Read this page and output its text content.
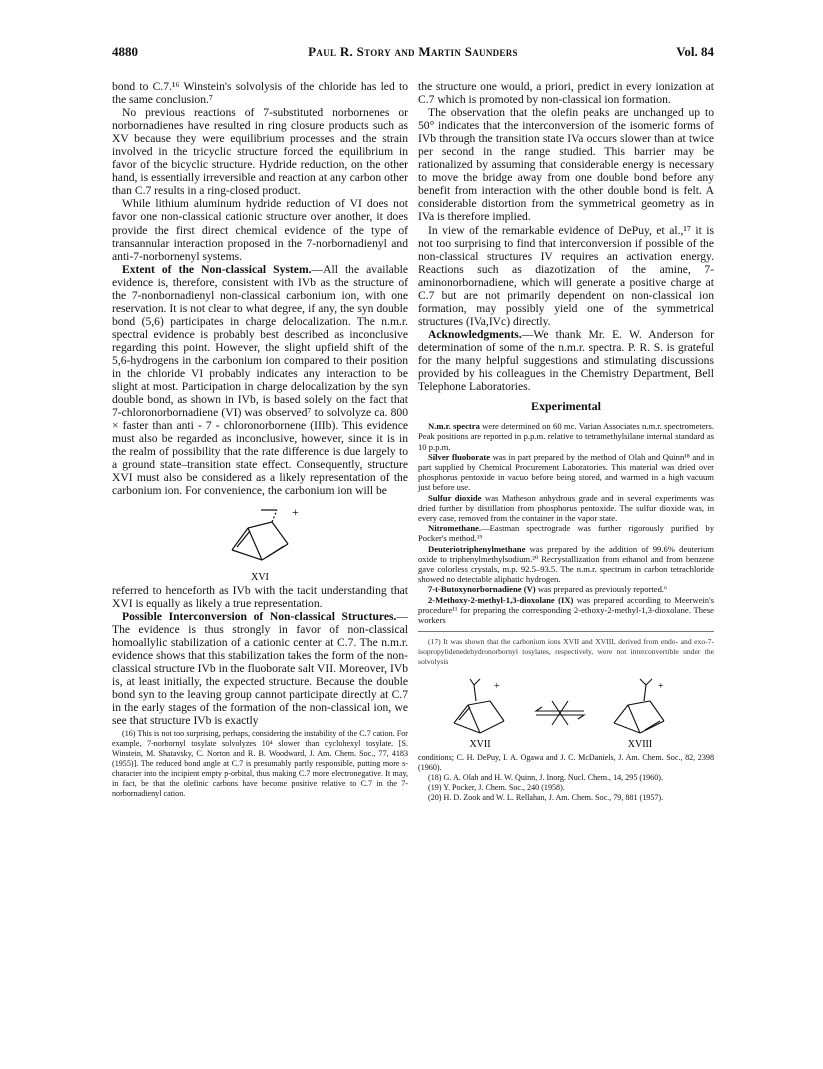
4880	Paul R. Story and Martin Saunders	Vol. 84

bond to C.7.¹⁶ Winstein's solvolysis of the chloride has led to the same conclusion.⁷

No previous reactions of 7-substituted norbornenes or norbornadienes have resulted in ring closure products such as XV because they were equilibrium processes and the strain involved in the tricyclic structure forced the equilibrium in favor of the bicyclic structure. Hydride reduction, on the other hand, is essentially irreversible and reaction at any carbon other than C.7 results in a ring-closed product.

While lithium aluminum hydride reduction of VI does not favor one non-classical cationic structure over another, it does provide the first direct chemical evidence of the type of transannular interaction proposed in the 7-norbornadienyl and anti-7-norbornenyl systems.

Extent of the Non-classical System.—All the available evidence is, therefore, consistent with IVb as the structure of the 7-nonbornadienyl non-classical carbonium ion, with one reservation. It is not clear to what degree, if any, the syn double bond (5,6) participates in charge delocalization. The n.m.r. spectral evidence is probably best described as inconclusive regarding this point. However, the slight upfield shift of the 5,6-hydrogens in the carbonium ion compared to their position in the chloride VI probably indicates any interaction to be slight at most. Participation in charge delocalization by the syn double bond, as shown in IVb, is based solely on the fact that 7-chloronorbornadiene (VI) was observed⁷ to solvolyze ca. 800 × faster than anti - 7 - chloronorbornene (IIIb). This evidence must also be regarded as inconclusive, however, since it is in the realm of possibility that the rate difference is due largely to a ground state–transition state effect. Consequently, structure XVI must also be considered as a likely representation of the carbonium ion. For convenience, the carbonium ion will be

+
XVI

referred to henceforth as IVb with the tacit understanding that XVI is equally as likely a true representation.

Possible Interconversion of Non-classical Structures.—The evidence is thus strongly in favor of non-classical homoallylic stabilization of a cationic center at C.7. The n.m.r. evidence shows that this stabilization takes the form of the non-classical structure IVb in the fluoborate salt VII. Moreover, IVb is, at least initially, the expected structure. Because the double bond syn to the leaving group cannot participate directly at C.7 in the early stages of the formation of the non-classical ion, we see that structure IVb is exactly

(16) This is not too surprising, perhaps, considering the instability of the C.7 cation. For example, 7-norbornyl tosylate solvolyzes 10⁴ slower than cyclohexyl tosylate. [S. Winstein, M. Shatavsky, C. Norton and R. B. Woodward, J. Am. Chem. Soc., 77, 4183 (1955)]. The reduced bond angle at C.7 is presumably partly responsible, putting more s-character into the incipient empty p-orbital, thus making C.7 more electronegative. It may, in fact, be that the olefinic carbons have become positive relative to C.7 in the 7-norbornadienyl cation.

the structure one would, a priori, predict in every ionization at C.7 which is promoted by non-classical ion formation.

The observation that the olefin peaks are unchanged up to 50° indicates that the interconversion of the isomeric forms of IVb through the transition state IVa occurs slower than at twice per second in the range studied. This barrier may be rationalized by assuming that considerable energy is necessary to move the bridge away from one double bond before any benefit from interaction with the other double bond is felt. A considerable distortion from the symmetrical geometry as in IVa is therefore implied.

In view of the remarkable evidence of DePuy, et al.,¹⁷ it is not too surprising to find that interconversion if possible of the non-classical structures IV requires an activation energy. Reactions such as diazotization of the amine, 7-aminonorbornadiene, which will generate a positive charge at C.7 but are not primarily dependent on non-classical ion formation, may possibly yield one of the symmetrical structures (IVa,IVc) directly.

Acknowledgments.—We thank Mr. E. W. Anderson for determination of some of the n.m.r. spectra. P. R. S. is grateful for the many helpful suggestions and stimulating discussions provided by his colleagues in the Chemistry Department, Bell Telephone Laboratories.

Experimental

N.m.r. spectra were determined on 60 mc. Varian Associates n.m.r. spectrometers. Peak positions are reported in p.p.m. relative to tetramethylsilane internal standard as 10 p.p.m.

Silver fluoborate was in part prepared by the method of Olah and Quinn¹⁸ and in part supplied by Chemical Procurement Laboratories. This material was dried over phosphorus pentoxide in vacuo before being stored, and warmed in a high vacuum just before use.

Sulfur dioxide was Matheson anhydrous grade and in several experiments was dried further by distillation from phosphorus pentoxide. The sulfur dioxide was, in every case, removed from the container in the vapor state.

Nitromethane.—Eastman spectrograde was further rigorously purified by Pocker's method.¹⁹

Deuteriotriphenylmethane was prepared by the addition of 99.6% deuterium oxide to triphenylmethylsodium.²⁰ Recrystallization from ethanol and from benzene gave colorless crystals, m.p. 92.5–93.5. The n.m.r. spectrum in carbon tetrachloride showed no detectable aliphatic hydrogen.

7-t-Butoxynorbornadiene (V) was prepared as previously reported.⁶

2-Methoxy-2-methyl-1,3-dioxolane (IX) was prepared according to Meerwein's procedure¹¹ for preparing the corresponding 2-ethoxy-2-methyl-1,3-dioxolane. These workers

(17) It was shown that the carbonium ions XVII and XVIII, derived from endo- and exo-7-isopropylidenedehydronorbornyl tosylates, respectively, were not interconvertible under the solvolysis

+	+
XVII	XVIII

conditions; C. H. DePuy, I. A. Ogawa and J. C. McDaniels, J. Am. Chem. Soc., 82, 2398 (1960).

(18) G. A. Olah and H. W. Quinn, J. Inorg. Nucl. Chem., 14, 295 (1960).

(19) Y. Pocker, J. Chem. Soc., 240 (1958).

(20) H. D. Zook and W. L. Rellahan, J. Am. Chem. Soc., 79, 881 (1957).
